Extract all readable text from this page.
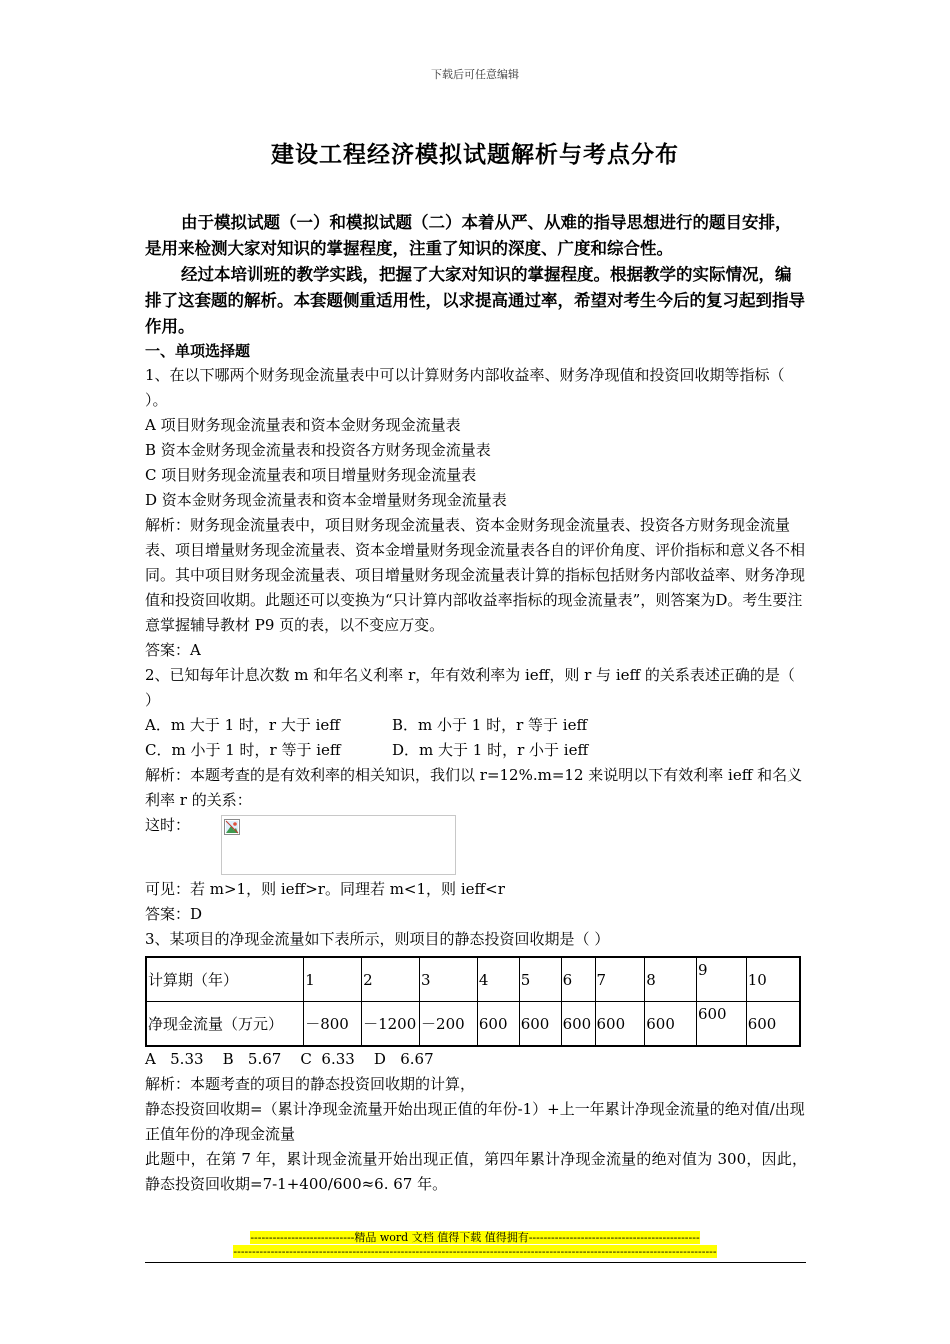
下载后可任意编辑
建设工程经济模拟试题解析与考点分布

由于模拟试题（一）和模拟试题（二）本着从严、从难的指导思想进行的题目安排，是用来检测大家对知识的掌握程度，注重了知识的深度、广度和综合性。

经过本培训班的教学实践，把握了大家对知识的掌握程度。根据教学的实际情况，编排了这套题的解析。本套题侧重适用性，以求提高通过率，希望对考生今后的复习起到指导作用。

一、单项选择题

1、在以下哪两个财务现金流量表中可以计算财务内部收益率、财务净现值和投资回收期等指标（ ）。

A 项目财务现金流量表和资本金财务现金流量表

B 资本金财务现金流量表和投资各方财务现金流量表

C 项目财务现金流量表和项目增量财务现金流量表

D 资本金财务现金流量表和资本金增量财务现金流量表

解析：财务现金流量表中，项目财务现金流量表、资本金财务现金流量表、投资各方财务现金流量表、项目增量财务现金流量表、资本金增量财务现金流量表各自的评价角度、评价指标和意义各不相同。其中项目财务现金流量表、项目增量财务现金流量表计算的指标包括财务内部收益率、财务净现值和投资回收期。此题还可以变换为“只计算内部收益率指标的现金流量表”，则答案为D。考生要注意掌握辅导教材 P9 页的表，以不变应万变。

答案：A

2、已知每年计息次数 m 和年名义利率 r，年有效利率为 ieff，则 r 与 ieff 的关系表述正确的是（ ）

A．m 大于 1 时，r 大于 ieff	B．m 小于 1 时，r 等于 ieff
C．m 小于 1 时，r 等于 ieff	D．m 大于 1 时，r 小于 ieff

解析：本题考查的是有效利率的相关知识，我们以 r=12%.m=12 来说明以下有效利率 ieff 和名义利率 r 的关系：

这时：

可见：若 m>1，则 ieff>r。同理若 m<1，则 ieff<r

答案：D

3、某项目的净现金流量如下表所示，则项目的静态投资回收期是（ ）

计算期（年）	1	2	3	4	5	6	7	8	9	10
净现金流量（万元）	－800	－1200	－200	600	600	600	600	600	600	600

A   5.33    B   5.67    C  6.33    D   6.67

解析：本题考查的项目的静态投资回收期的计算，

静态投资回收期=（累计净现金流量开始出现正值的年份-1）+上一年累计净现金流量的绝对值/出现正值年份的净现金流量

此题中，在第 7 年，累计现金流量开始出现正值，第四年累计净现金流量的绝对值为 300，因此，静态投资回收期=7-1+400/600≈6. 67 年。

----------------------------精品 word 文档 值得下载 值得拥有----------------------------------------------
----------------------------------------------------------------------------------------------------------------------------------
